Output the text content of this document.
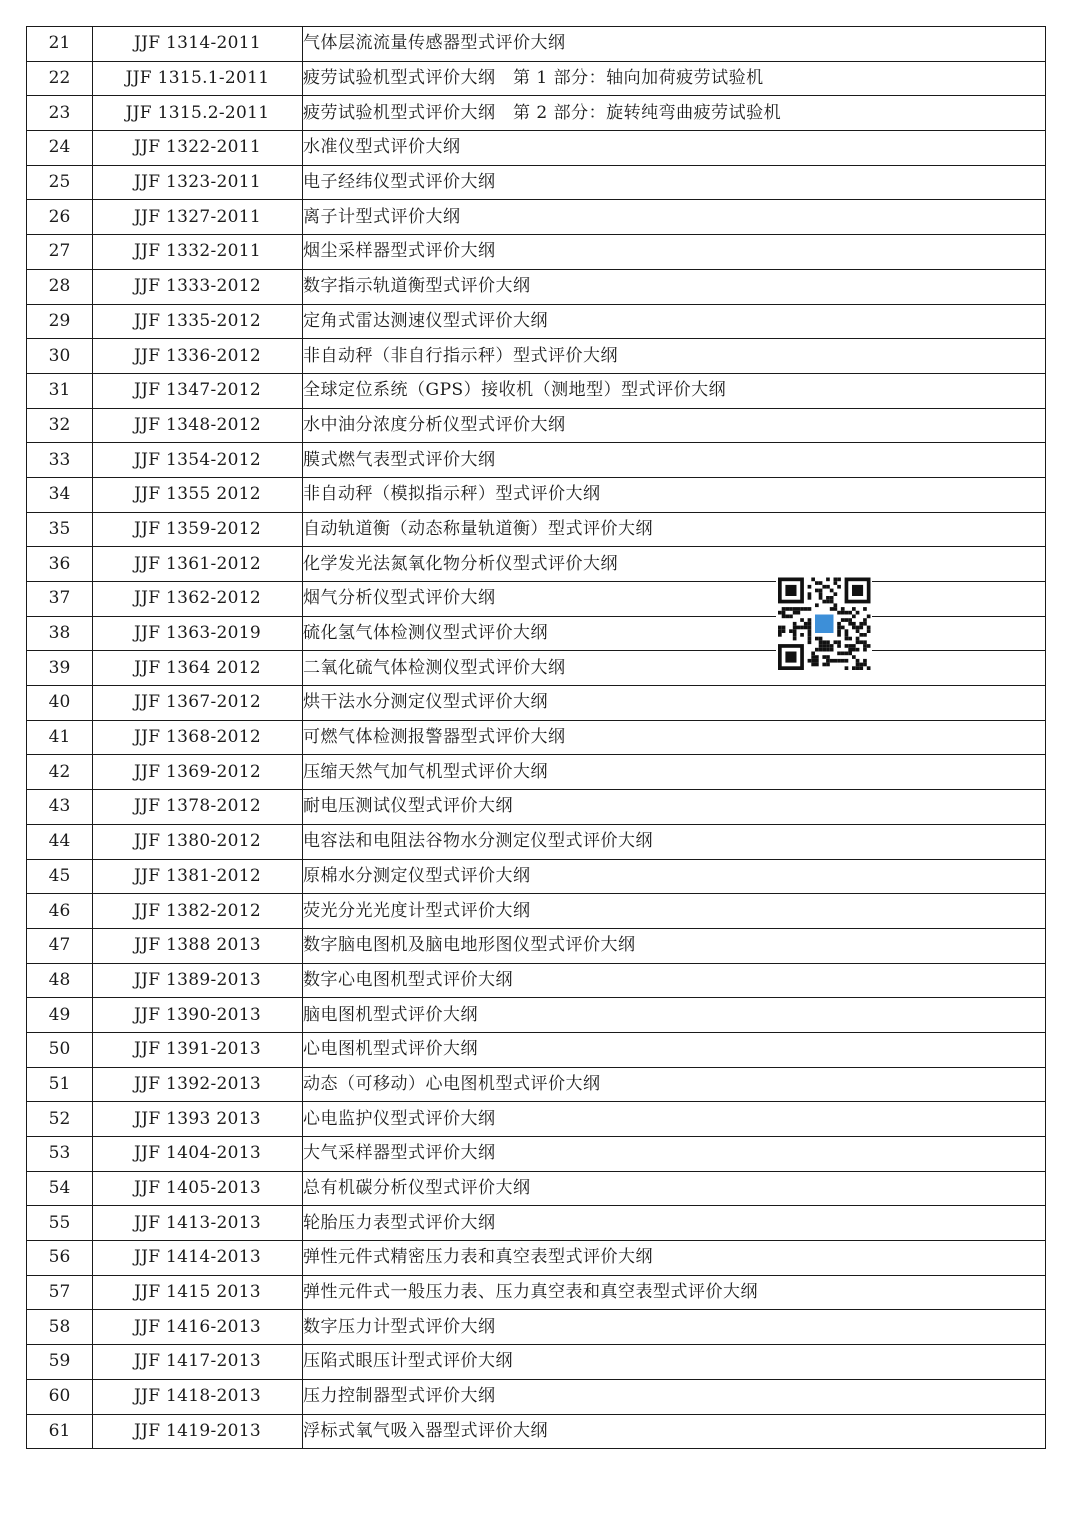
21	JJF 1314-2011	气体层流流量传感器型式评价大纲
22	JJF 1315.1-2011	疲劳试验机型式评价大纲　第 1 部分：轴向加荷疲劳试验机
23	JJF 1315.2-2011	疲劳试验机型式评价大纲　第 2 部分：旋转纯弯曲疲劳试验机
24	JJF 1322-2011	水准仪型式评价大纲
25	JJF 1323-2011	电子经纬仪型式评价大纲
26	JJF 1327-2011	离子计型式评价大纲
27	JJF 1332-2011	烟尘采样器型式评价大纲
28	JJF 1333-2012	数字指示轨道衡型式评价大纲
29	JJF 1335-2012	定角式雷达测速仪型式评价大纲
30	JJF 1336-2012	非自动秤（非自行指示秤）型式评价大纲
31	JJF 1347-2012	全球定位系统（GPS）接收机（测地型）型式评价大纲
32	JJF 1348-2012	水中油分浓度分析仪型式评价大纲
33	JJF 1354-2012	膜式燃气表型式评价大纲
34	JJF 1355 2012	非自动秤（模拟指示秤）型式评价大纲
35	JJF 1359-2012	自动轨道衡（动态称量轨道衡）型式评价大纲
36	JJF 1361-2012	化学发光法氮氧化物分析仪型式评价大纲
37	JJF 1362-2012	烟气分析仪型式评价大纲
38	JJF 1363-2019	硫化氢气体检测仪型式评价大纲
39	JJF 1364 2012	二氧化硫气体检测仪型式评价大纲
40	JJF 1367-2012	烘干法水分测定仪型式评价大纲
41	JJF 1368-2012	可燃气体检测报警器型式评价大纲
42	JJF 1369-2012	压缩天然气加气机型式评价大纲
43	JJF 1378-2012	耐电压测试仪型式评价大纲
44	JJF 1380-2012	电容法和电阻法谷物水分测定仪型式评价大纲
45	JJF 1381-2012	原棉水分测定仪型式评价大纲
46	JJF 1382-2012	荧光分光光度计型式评价大纲
47	JJF 1388 2013	数字脑电图机及脑电地形图仪型式评价大纲
48	JJF 1389-2013	数字心电图机型式评价大纲
49	JJF 1390-2013	脑电图机型式评价大纲
50	JJF 1391-2013	心电图机型式评价大纲
51	JJF 1392-2013	动态（可移动）心电图机型式评价大纲
52	JJF 1393 2013	心电监护仪型式评价大纲
53	JJF 1404-2013	大气采样器型式评价大纲
54	JJF 1405-2013	总有机碳分析仪型式评价大纲
55	JJF 1413-2013	轮胎压力表型式评价大纲
56	JJF 1414-2013	弹性元件式精密压力表和真空表型式评价大纲
57	JJF 1415 2013	弹性元件式一般压力表、压力真空表和真空表型式评价大纲
58	JJF 1416-2013	数字压力计型式评价大纲
59	JJF 1417-2013	压陷式眼压计型式评价大纲
60	JJF 1418-2013	压力控制器型式评价大纲
61	JJF 1419-2013	浮标式氧气吸入器型式评价大纲
